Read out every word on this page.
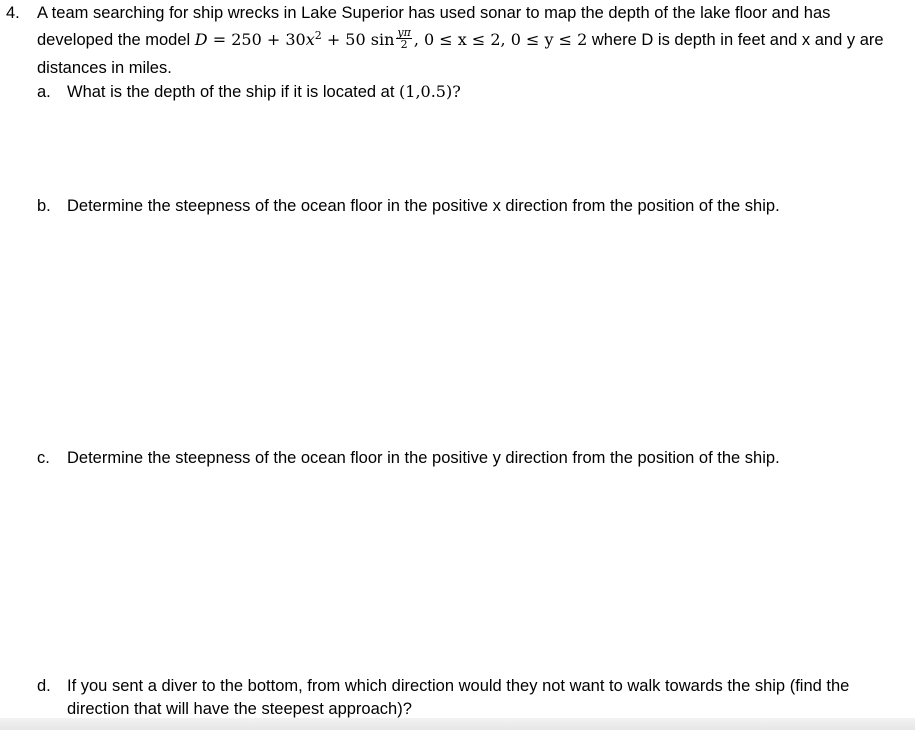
4. A team searching for ship wrecks in Lake Superior has used sonar to map the depth of the lake floor and has
developed the model $D = 250 + 30x^2 + 50$ $\sin \frac{y\pi}{2}$ , 0 ≤ x ≤ 2, 0 ≤ y ≤ 2 where D is depth in feet and x and y are
distances in miles.
a. What is the depth of the ship if it is located at (1,0.5)?
b. Determine the steepness of the ocean floor in the positive x direction from the position of the ship.
c. Determine the steepness of the ocean floor in the positive y direction from the position of the ship.
d. If you sent a diver to the bottom, from which direction would they not want to walk towards the ship (find the
direction that will have the steepest approach)?
